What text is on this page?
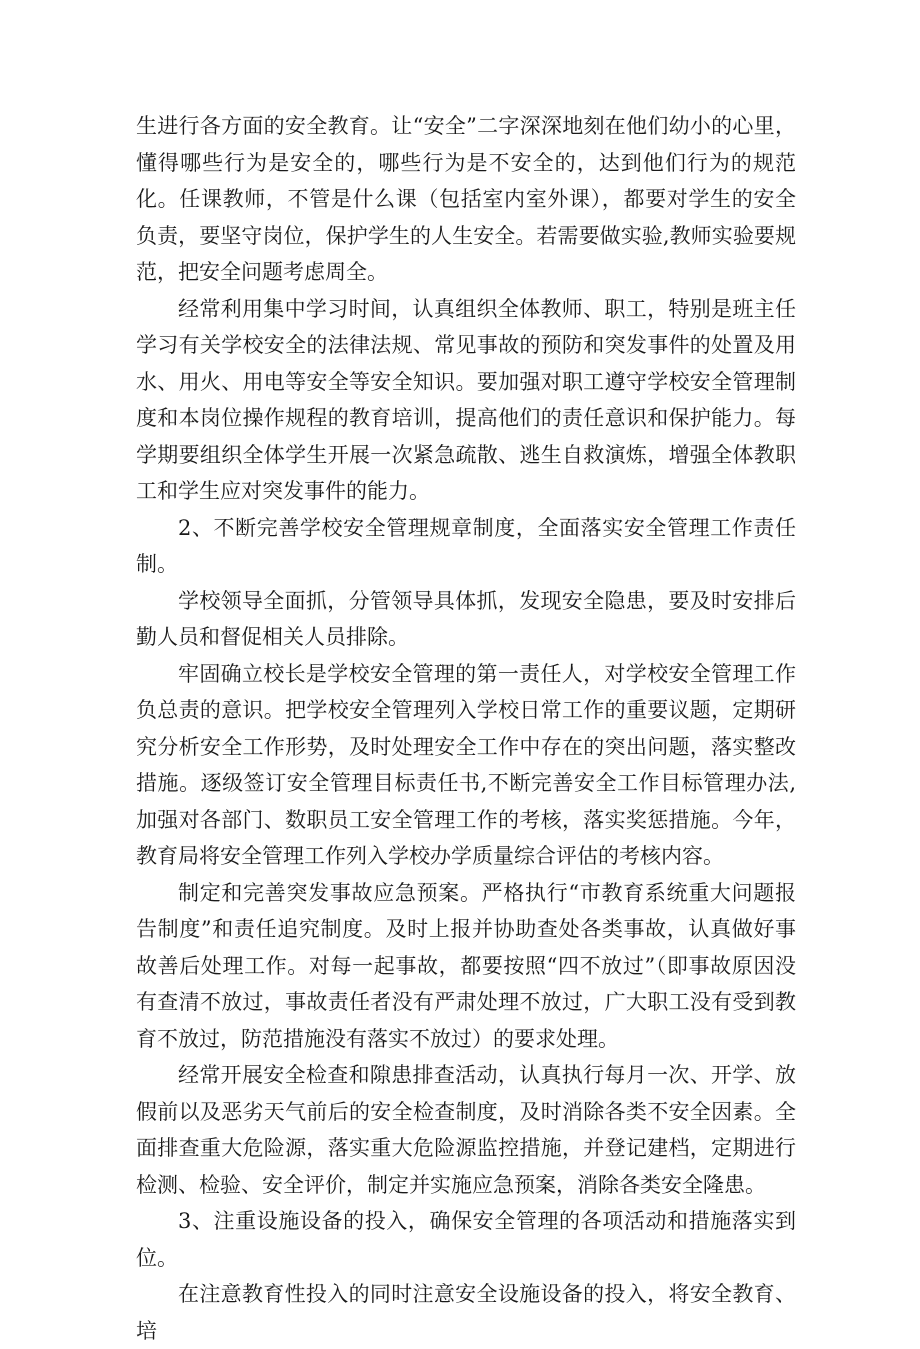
生进行各方面的安全教育。让“安全”二字深深地刻在他们幼小的心里，懂得哪些行为是安全的，哪些行为是不安全的，达到他们行为的规范化。任课教师，不管是什么课（包括室内室外课），都要对学生的安全负责，要坚守岗位，保护学生的人生安全。若需要做实验,教师实验要规范，把安全问题考虑周全。

经常利用集中学习时间，认真组织全体教师、职工，特别是班主任学习有关学校安全的法律法规、常见事故的预防和突发事件的处置及用水、用火、用电等安全等安全知识。要加强对职工遵守学校安全管理制度和本岗位操作规程的教育培训，提高他们的责任意识和保护能力。每学期要组织全体学生开展一次紧急疏散、逃生自救演炼，增强全体教职工和学生应对突发事件的能力。

2、不断完善学校安全管理规章制度，全面落实安全管理工作责任制。

学校领导全面抓，分管领导具体抓，发现安全隐患，要及时安排后勤人员和督促相关人员排除。

牢固确立校长是学校安全管理的第一责任人，对学校安全管理工作负总责的意识。把学校安全管理列入学校日常工作的重要议题，定期研究分析安全工作形势，及时处理安全工作中存在的突出问题，落实整改措施。逐级签订安全管理目标责任书,不断完善安全工作目标管理办法,加强对各部门、数职员工安全管理工作的考核，落实奖惩措施。今年，教育局将安全管理工作列入学校办学质量综合评估的考核内容。

制定和完善突发事故应急预案。严格执行“市教育系统重大问题报告制度”和责任追究制度。及时上报并协助查处各类事故，认真做好事故善后处理工作。对每一起事故，都要按照“四不放过”（即事故原因没有查清不放过，事故责任者没有严肃处理不放过，广大职工没有受到教育不放过，防范措施没有落实不放过）的要求处理。

经常开展安全检查和隙患排查活动，认真执行每月一次、开学、放假前以及恶劣天气前后的安全检查制度，及时消除各类不安全因素。全面排查重大危险源，落实重大危险源监控措施，并登记建档，定期进行检测、检验、安全评价，制定并实施应急预案，消除各类安全隆患。

3、注重设施设备的投入，确保安全管理的各项活动和措施落实到位。

在注意教育性投入的同时注意安全设施设备的投入，将安全教育、培
